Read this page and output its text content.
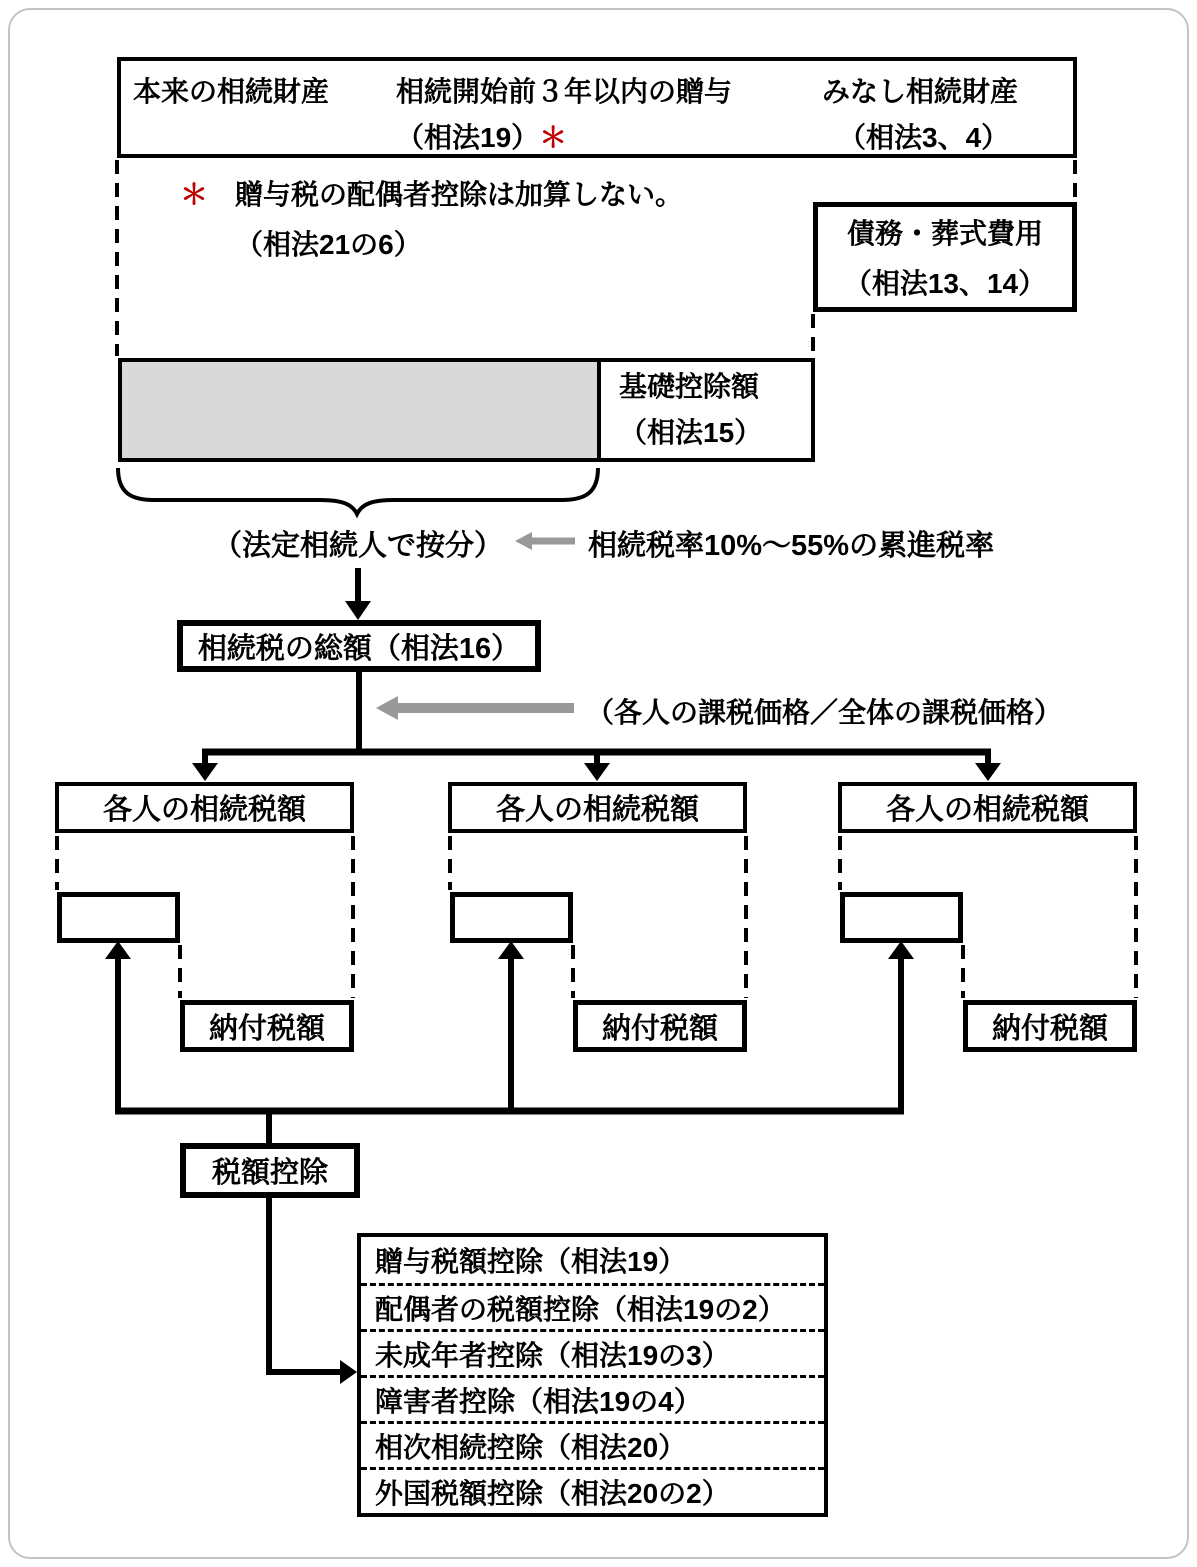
本来の相続財産	相続開始前３年以内の贈与
（相法19）＊
みなし相続財産
（相法3、4）
＊ 贈与税の配偶者控除は加算しない。
（相法21の6）	債務・葬式費用
（相法13、14）
基礎控除額
（相法15）
（法定相続人で按分）	相続税率10%～55%の累進税率
相続税の総額（相法16）
（各人の課税価格／全体の課税価格）
各人の相続税額
納付税額
各人の相続税額
納付税額
各人の相続税額
納付税額
税額控除
贈与税額控除（相法19）
配偶者の税額控除（相法19の2）
未成年者控除（相法19の3）
障害者控除（相法19の4）
相次相続控除（相法20）
外国税額控除（相法20の2）
